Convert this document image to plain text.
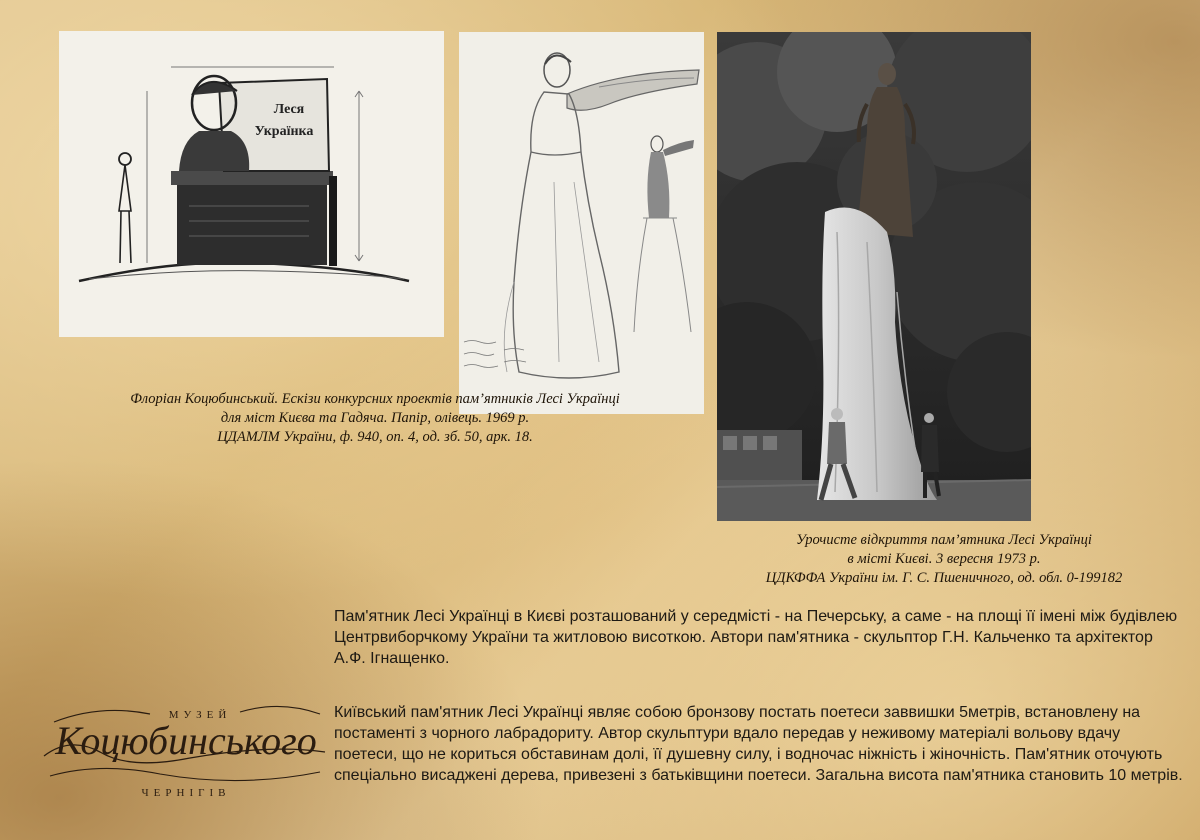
Леся
Українка
Флоріан Коцюбинський. Ескізи конкурсних проектів пам’ятників Лесі Українці
для міст Києва та Гадяча. Папір, олівець. 1969 р.
ЦДАМЛМ України, ф. 940, оп. 4, од. зб. 50, арк. 18.
Урочисте відкриття пам’ятника Лесі Українці
в місті Києві. 3 вересня 1973 р.
ЦДКФФА України ім. Г. С. Пшеничного, од. обл. 0-199182

Пам'ятник Лесі Українці в Києві розташований у середмісті - на Печерську, а саме - на площі її імені між будівлею Центрвиборчкому України та житловою висоткою. Автори пам'ятника - скульптор Г.Н. Кальченко та архітектор А.Ф. Ігнащенко.

Київський пам'ятник Лесі Українці являє собою бронзову постать поетеси заввишки 5метрів, встановлену на постаменті з чорного лабрадориту. Автор скульптури вдало передав у неживому матеріалі вольову вдачу поетеси, що не кориться обставинам долі, її душевну силу, і водночас ніжність і жіночність. Пам'ятник оточують спеціально висаджені дерева, привезені з батьківщини поетеси. Загальна висота пам'ятника становить 10 метрів.

МУЗЕЙ
Коцюбинського
ЧЕРНІГІВ
